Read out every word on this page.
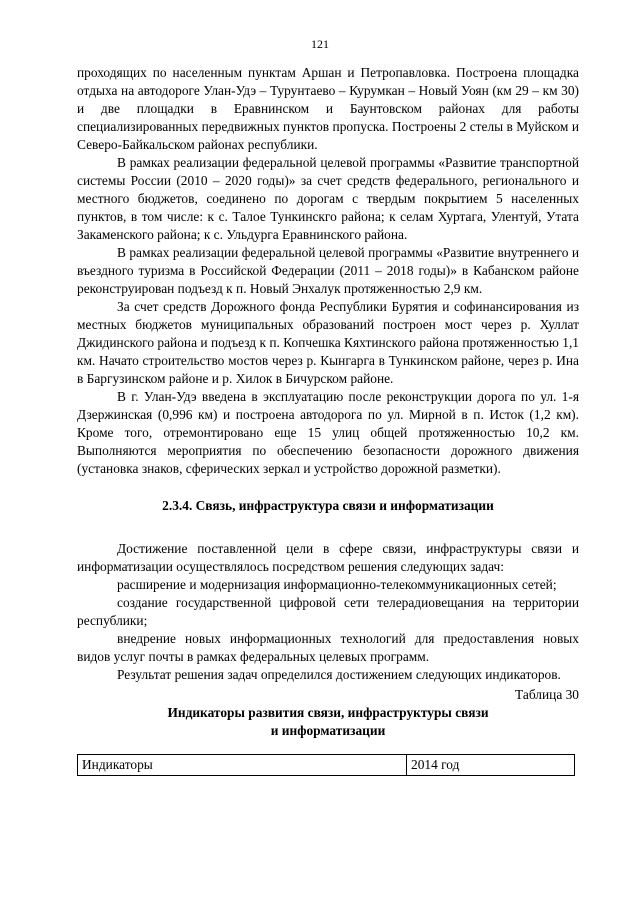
121

проходящих по населенным пунктам Аршан и Петропавловка. Построена площадка отдыха на автодороге Улан-Удэ – Турунтаево – Курумкан – Новый Уоян (км 29 – км 30) и две площадки в Еравнинском и Баунтовском районах для работы специализированных передвижных пунктов пропуска. Построены 2 стелы в Муйском и Северо-Байкальском районах республики.

В рамках реализации федеральной целевой программы «Развитие транспортной системы России (2010 – 2020 годы)» за счет средств федерального, регионального и местного бюджетов, соединено по дорогам с твердым покрытием 5 населенных пунктов, в том числе: к с. Талое Тункинскго района; к селам Хуртага, Улентуй, Утата Закаменского района; к с. Ульдурга Еравнинского района.

В рамках реализации федеральной целевой программы «Развитие внутреннего и въездного туризма в Российской Федерации (2011 – 2018 годы)» в Кабанском районе реконструирован подъезд к п. Новый Энхалук протяженностью 2,9 км.

За счет средств Дорожного фонда Республики Бурятия и софинансирования из местных бюджетов муниципальных образований построен мост через р. Хуллат Джидинского района и подъезд к п. Копчешка Кяхтинского района протяженностью 1,1 км. Начато строительство мостов через р. Кынгарга в Тункинском районе, через р. Ина в Баргузинском районе и р. Хилок в Бичурском районе.

В г. Улан-Удэ введена в эксплуатацию после реконструкции дорога по ул. 1-я Дзержинская (0,996 км) и построена автодорога по ул. Мирной в п. Исток (1,2 км). Кроме того, отремонтировано еще 15 улиц общей протяженностью 10,2 км. Выполняются мероприятия по обеспечению безопасности дорожного движения (установка знаков, сферических зеркал и устройство дорожной разметки).

2.3.4. Связь, инфраструктура связи и информатизации

Достижение поставленной цели в сфере связи, инфраструктуры связи и информатизации осуществлялось посредством решения следующих задач:

расширение и модернизация информационно-телекоммуникационных сетей;

создание государственной цифровой сети телерадиовещания на территории республики;

внедрение новых информационных технологий для предоставления новых видов услуг почты в рамках федеральных целевых программ.

Результат решения задач определился достижением следующих индикаторов.

Таблица 30

Индикаторы развития связи, инфраструктуры связи
и информатизации

Индикаторы	2014 год
